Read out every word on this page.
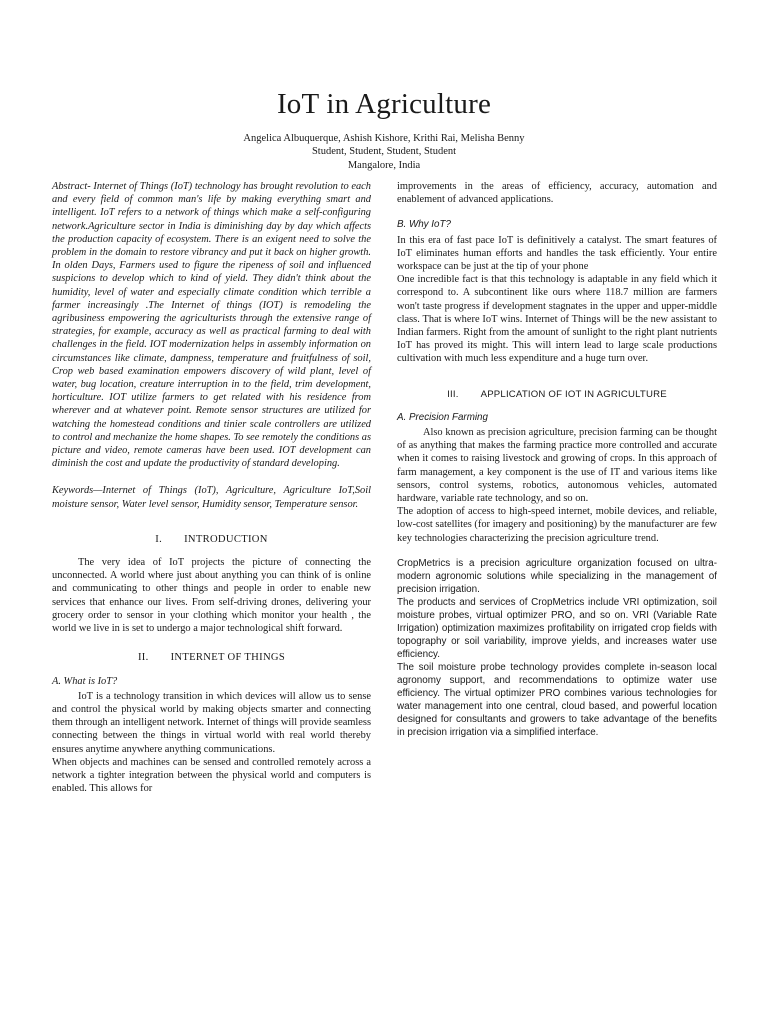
IoT in Agriculture
Angelica Albuquerque, Ashish Kishore, Krithi Rai, Melisha Benny
Student, Student, Student, Student
Mangalore, India

Abstract- Internet of Things (IoT) technology has brought revolution to each and every field of common man's life by making everything smart and intelligent. IoT refers to a network of things which make a self-configuring network.Agriculture sector in India is diminishing day by day which affects the production capacity of ecosystem. There is an exigent need to solve the problem in the domain to restore vibrancy and put it back on higher growth. In olden Days, Farmers used to figure the ripeness of soil and influenced suspicions to develop which to kind of yield. They didn't think about the humidity, level of water and especially climate condition which terrible a farmer increasingly .The Internet of things (IOT) is remodeling the agribusiness empowering the agriculturists through the extensive range of strategies, for example, accuracy as well as practical farming to deal with challenges in the field. IOT modernization helps in assembly information on circumstances like climate, dampness, temperature and fruitfulness of soil, Crop web based examination empowers discovery of wild plant, level of water, bug location, creature interruption in to the field, trim development, horticulture. IOT utilize farmers to get related with his residence from wherever and at whatever point. Remote sensor structures are utilized for watching the homestead conditions and tinier scale controllers are utilized to control and mechanize the home shapes. To see remotely the conditions as picture and video, remote cameras have been used. IOT development can diminish the cost and update the productivity of standard developing.

Keywords—Internet of Things (IoT), Agriculture, Agriculture IoT,Soil moisture sensor, Water level sensor, Humidity sensor, Temperature sensor.

I. INTRODUCTION

The very idea of IoT projects the picture of connecting the unconnected. A world where just about anything you can think of is online and communicating to other things and people in order to enable new services that enhance our lives. From self-driving drones, delivering your grocery order to sensor in your clothing which monitor your health , the world we live in is set to undergo a major technological shift forward.

II. INTERNET OF THINGS

A. What is IoT?

IoT is a technology transition in which devices will allow us to sense and control the physical world by making objects smarter and connecting them through an intelligent network. Internet of things will provide seamless connecting between the things in virtual world with real world thereby ensures anytime anywhere anything communications.

When objects and machines can be sensed and controlled remotely across a network a tighter integration between the physical world and computers is enabled. This allows for

improvements in the areas of efficiency, accuracy, automation and enablement of advanced applications.

B. Why IoT?

In this era of fast pace IoT is definitively a catalyst. The smart features of IoT eliminates human efforts and handles the task efficiently. Your entire workspace can be just at the tip of your phone

One incredible fact is that this technology is adaptable in any field which it correspond to. A subcontinent like ours where 118.7 million are farmers won't taste progress if development stagnates in the upper and upper-middle class. That is where IoT wins. Internet of Things will be the new assistant to Indian farmers. Right from the amount of sunlight to the right plant nutrients IoT has proved its might. This will intern lead to large scale productions cultivation with much less expenditure and a huge turn over.

III. APPLICATION OF IOT IN AGRICULTURE

A. Precision Farming

Also known as precision agriculture, precision farming can be thought of as anything that makes the farming practice more controlled and accurate when it comes to raising livestock and growing of crops. In this approach of farm management, a key component is the use of IT and various items like sensors, control systems, robotics, autonomous vehicles, automated hardware, variable rate technology, and so on.

The adoption of access to high-speed internet, mobile devices, and reliable, low-cost satellites (for imagery and positioning) by the manufacturer are few key technologies characterizing the precision agriculture trend.

CropMetrics is a precision agriculture organization focused on ultra-modern agronomic solutions while specializing in the management of precision irrigation.

The products and services of CropMetrics include VRI optimization, soil moisture probes, virtual optimizer PRO, and so on. VRI (Variable Rate Irrigation) optimization maximizes profitability on irrigated crop fields with topography or soil variability, improve yields, and increases water use efficiency.

The soil moisture probe technology provides complete in-season local agronomy support, and recommendations to optimize water use efficiency. The virtual optimizer PRO combines various technologies for water management into one central, cloud based, and powerful location designed for consultants and growers to take advantage of the benefits in precision irrigation via a simplified interface.
